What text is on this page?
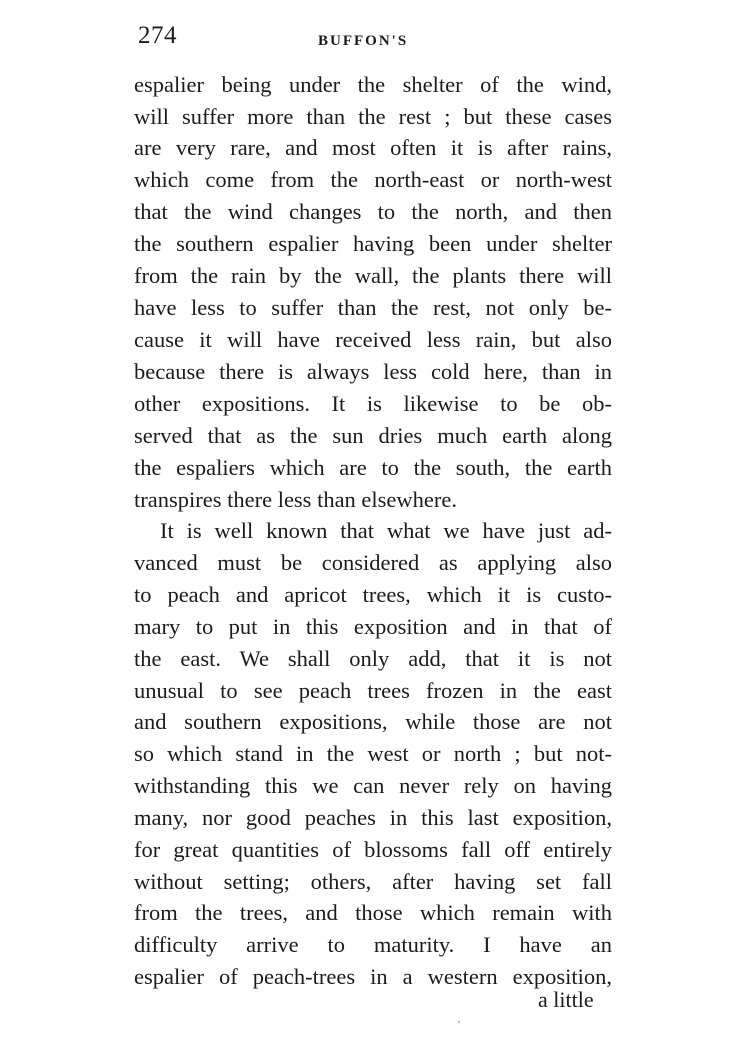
274	BUFFON'S
espalier being under the shelter of the wind,
will suffer more than the rest ; but these cases
are very rare, and most often it is after rains,
which come from the north-east or north-west
that the wind changes to the north, and then
the southern espalier having been under shelter
from the rain by the wall, the plants there will
have less to suffer than the rest, not only be-
cause it will have received less rain, but also
because there is always less cold here, than in
other expositions. It is likewise to be ob-
served that as the sun dries much earth along
the espaliers which are to the south, the earth
transpires there less than elsewhere.
It is well known that what we have just ad-
vanced must be considered as applying also
to peach and apricot trees, which it is custo-
mary to put in this exposition and in that of
the east. We shall only add, that it is not
unusual to see peach trees frozen in the east
and southern expositions, while those are not
so which stand in the west or north ; but not-
withstanding this we can never rely on having
many, nor good peaches in this last exposition,
for great quantities of blossoms fall off entirely
without setting; others, after having set fall
from the trees, and those which remain with
difficulty arrive to maturity. I have an
espalier of peach-trees in a western exposition,
a little
'
